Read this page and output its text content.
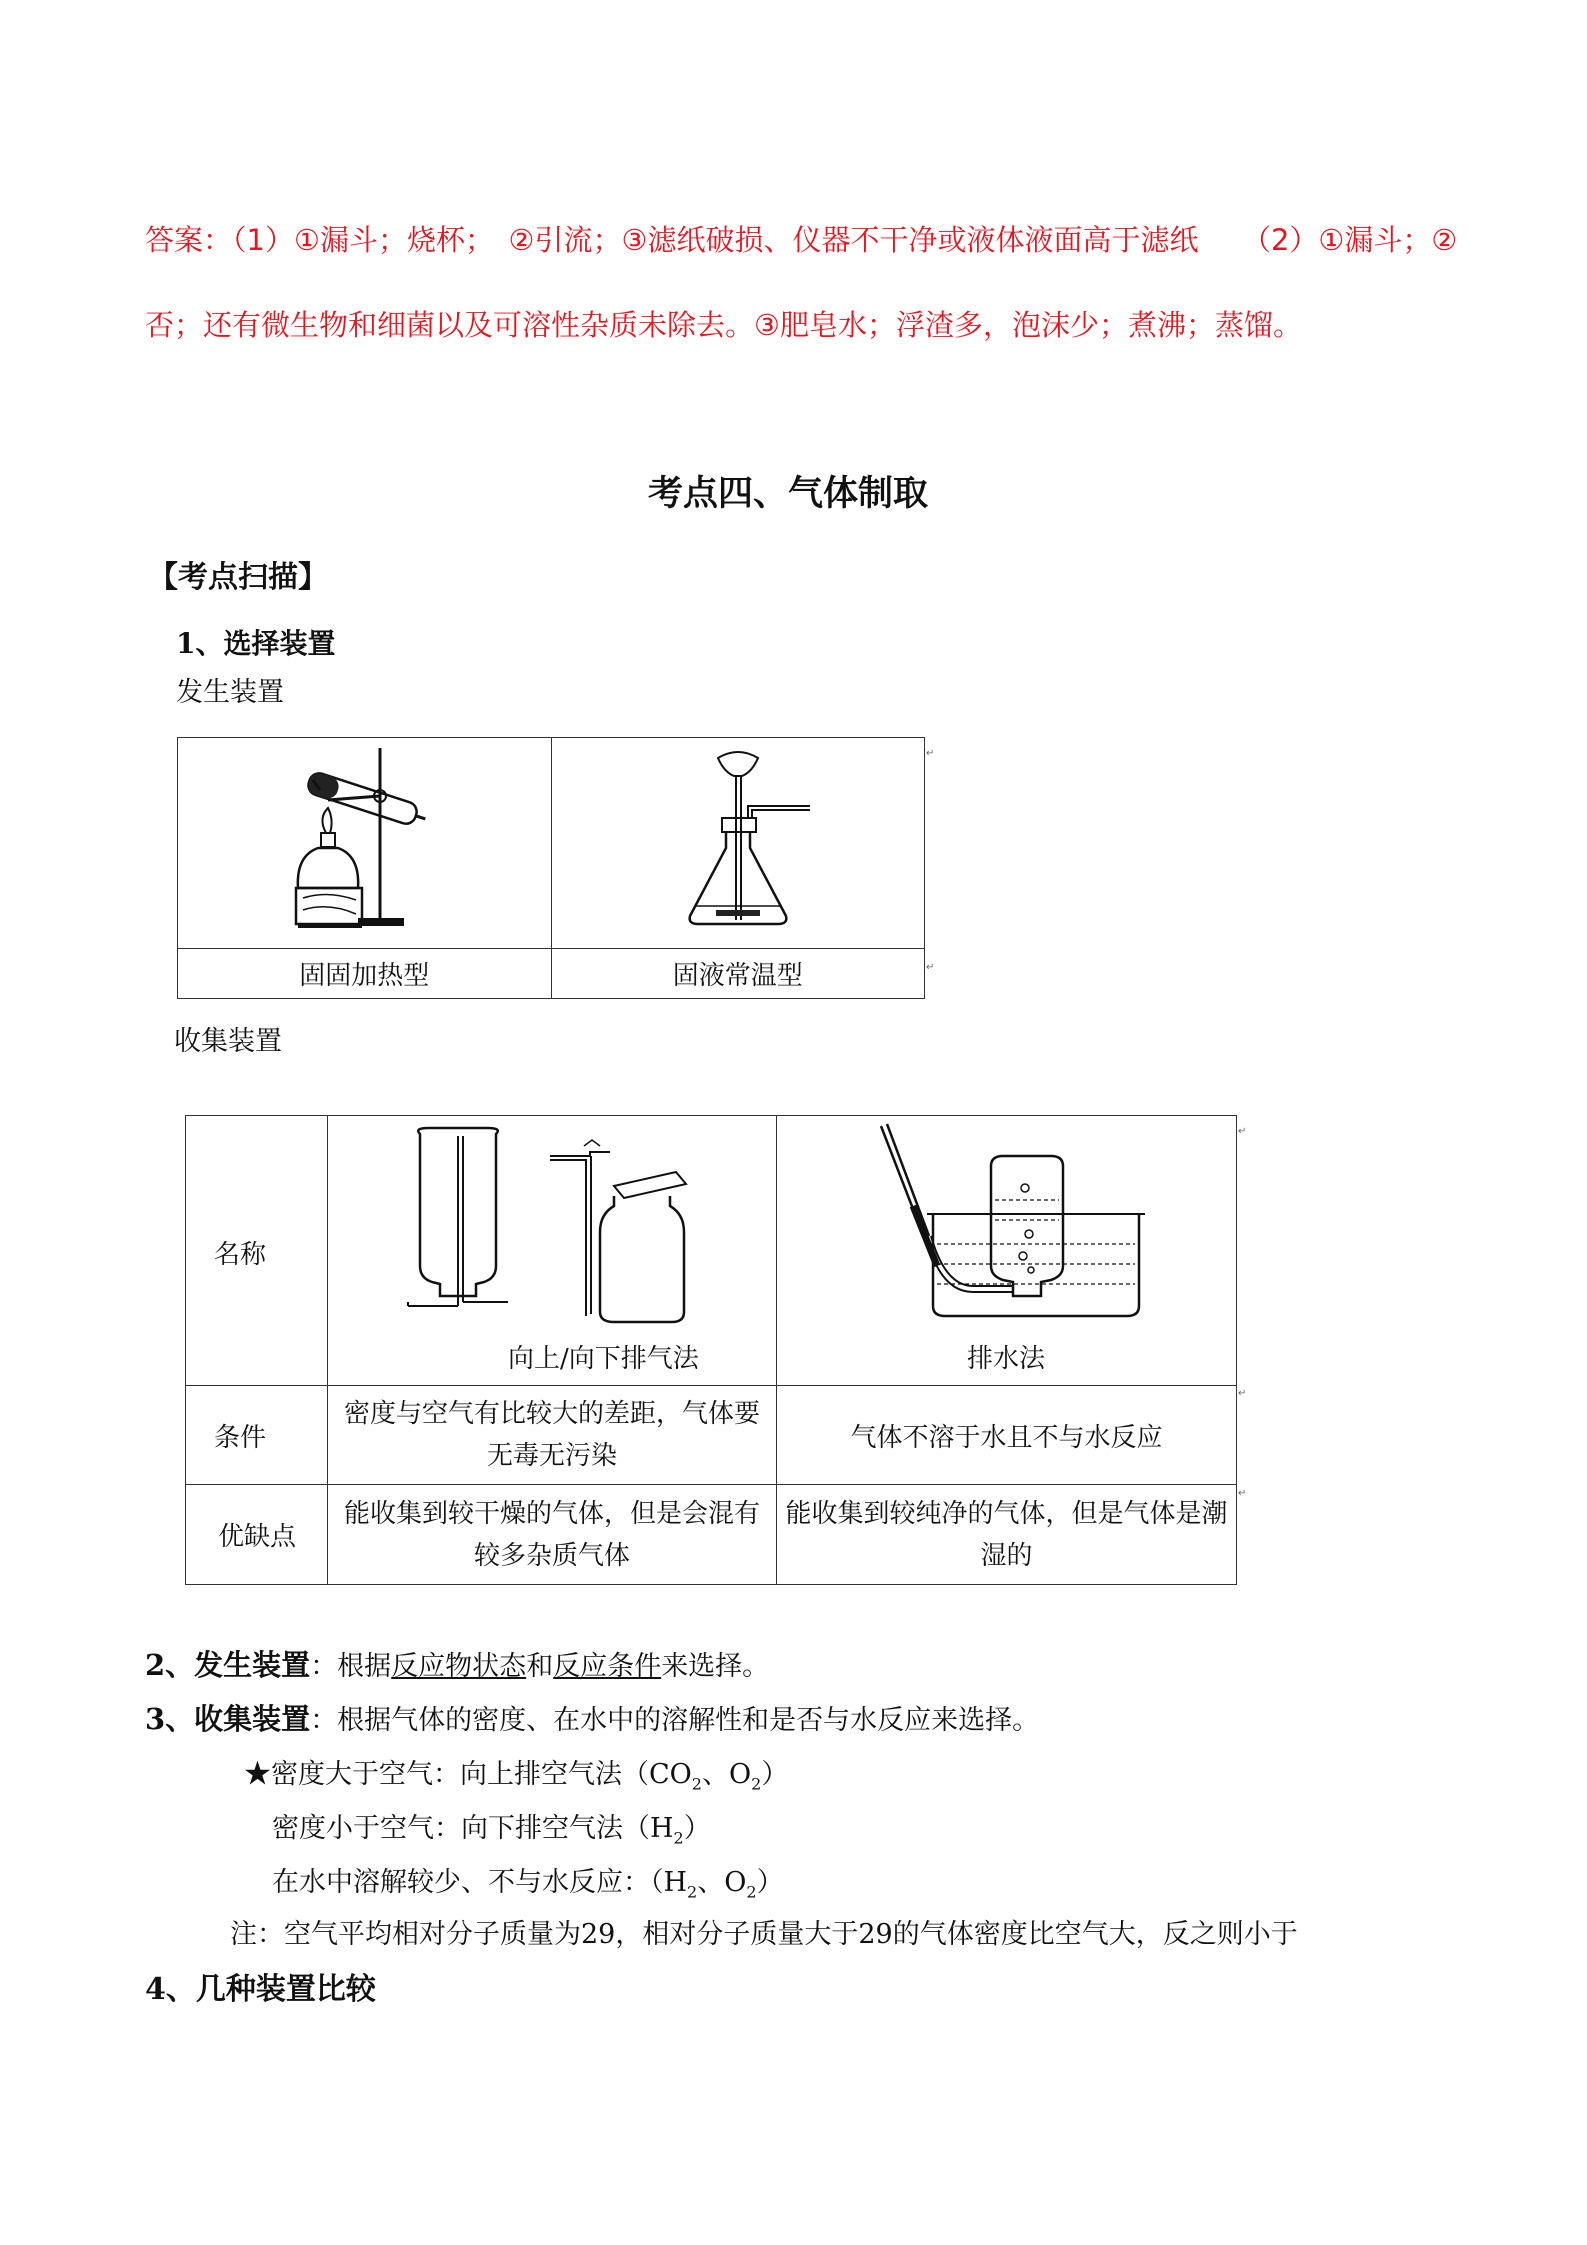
答案：（1）①漏斗；烧杯；　②引流；③滤纸破损、仪器不干净或液体液面高于滤纸　　（2）①漏斗；②
否；还有微生物和细菌以及可溶性杂质未除去。③肥皂水；浮渣多，泡沫少；煮沸；蒸馏。
考点四、气体制取
【考点扫描】
1、选择装置
发生装置

固固加热型	固液常温型
↵
↵
收集装置
名称	向上/向下排气法	排水法

条件	密度与空气有比较大的差距，气体要无毒无污染	气体不溶于水且不与水反应
优缺点	能收集到较干燥的气体，但是会混有较多杂质气体	能收集到较纯净的气体，但是气体是潮湿的
↵
↵
↵
2、发生装置：根据反应物状态和反应条件来选择。
3、收集装置：根据气体的密度、在水中的溶解性和是否与水反应来选择。
★密度大于空气：向上排空气法（$CO_2$、$O_2$）
密度小于空气：向下排空气法$(H_2)$
在水中溶解较少、不与水反应：（$H_2$、$O_2$）
注：空气平均相对分子质量为29，相对分子质量大于29的气体密度比空气大，反之则小于
4、几种装置比较
